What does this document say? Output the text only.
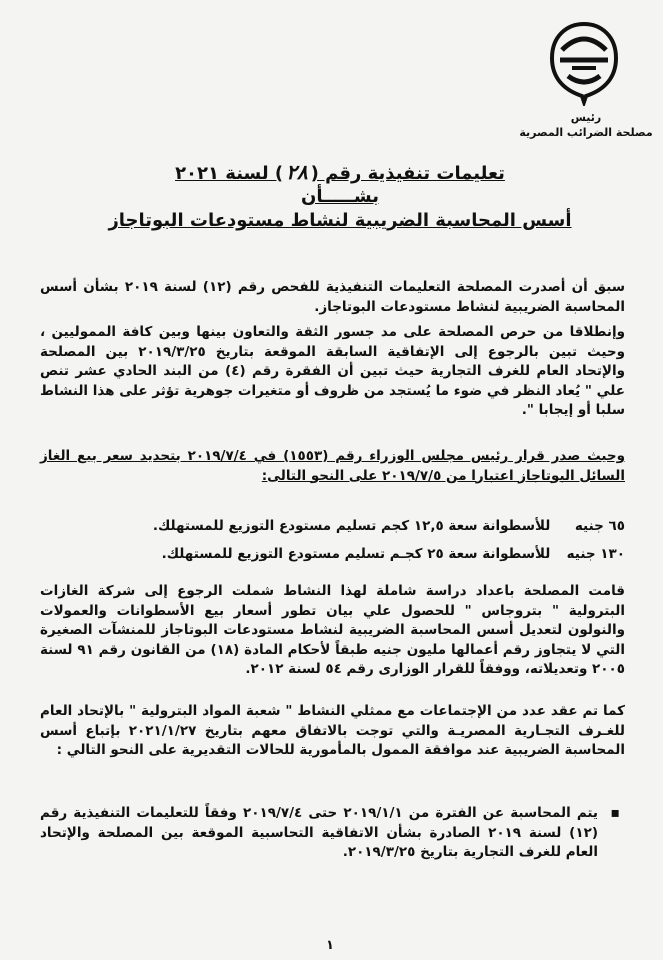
رئيس
مصلحة الضرائب المصرية
تعليمات تنفيذية رقم (٢٨) لسنة ٢٠٢١
بشـــــأن
أسس المحاسبة الضريبية لنشاط مستودعات البوتاجاز
سبق أن أصدرت المصلحة التعليمات التنفيذية للفحص رقم (١٢) لسنة ٢٠١٩ بشأن أسس المحاسبة الضريبية لنشاط مستودعات البوتاجاز.
وإنطلاقا من حرص المصلحة على مد جسور الثقة والتعاون بينها وبين كافة المموليين ، وحيث تبين بالرجوع إلى الإتفاقية السابقة الموقعة بتاريخ ٢٠١٩/٣/٢٥ بين المصلحة والإتحاد العام للغرف التجارية حيث تبين أن الفقرة رقم (٤) من البند الحادي عشر تنص علي " يُعاد النظر في ضوء ما يُستجد من ظروف أو متغيرات جوهرية تؤثر على هذا النشاط سلبا أو إيجابا ".
وحيث صدر قرار رئيس مجلس الوزراء رقم (١٥٥٣) في ٢٠١٩/٧/٤ بتحديد سعر بيع الغاز السائل البوتاجاز اعتبارا من ٢٠١٩/٧/٥ على النحو التالى:
٦٥ جنيه للأسطوانة سعة ١٢,٥ كجم تسليم مستودع التوزيع للمستهلك.
١٣٠ جنيه للأسطوانة سعة ٢٥ كجـم تسليم مستودع التوزيع للمستهلك.
قامت المصلحة باعداد دراسة شاملة لهذا النشاط شملت الرجوع إلى شركة الغازات البترولية " بتروجاس " للحصول علي بيان تطور أسعار بيع الأسطوانات والعمولات والنولون لتعديل أسس المحاسبة الضريبية لنشاط مستودعات البوتاجاز للمنشآت الصغيرة التي لا يتجاوز رقم أعمالها مليون جنيه طبقاً لأحكام المادة (١٨) من القانون رقم ٩١ لسنة ٢٠٠٥ وتعديلاته، ووفقاً للقرار الوزارى رقم ٥٤ لسنة ٢٠١٢.
كما تم عقد عدد من الإجتماعات مع ممثلي النشاط " شعبة المواد البترولية " بالإتحاد العام للغـرف التجـارية المصريـة والتي توجت بالاتفاق معهم بتاريخ ٢٠٢١/١/٢٧ بإتباع أسس المحاسبة الضريبية عند موافقة الممول بالمأمورية للحالات التقديرية على النحو التالي :
▪
يتم المحاسبة عن الفترة من ٢٠١٩/١/١ حتى ٢٠١٩/٧/٤ وفقاً للتعليمات التنفيذية رقم (١٢) لسنة ٢٠١٩ الصادرة بشأن الاتفاقية التحاسبية الموقعة بين المصلحة والإتحاد العام للغرف التجارية بتاريخ ٢٠١٩/٣/٢٥.
١
